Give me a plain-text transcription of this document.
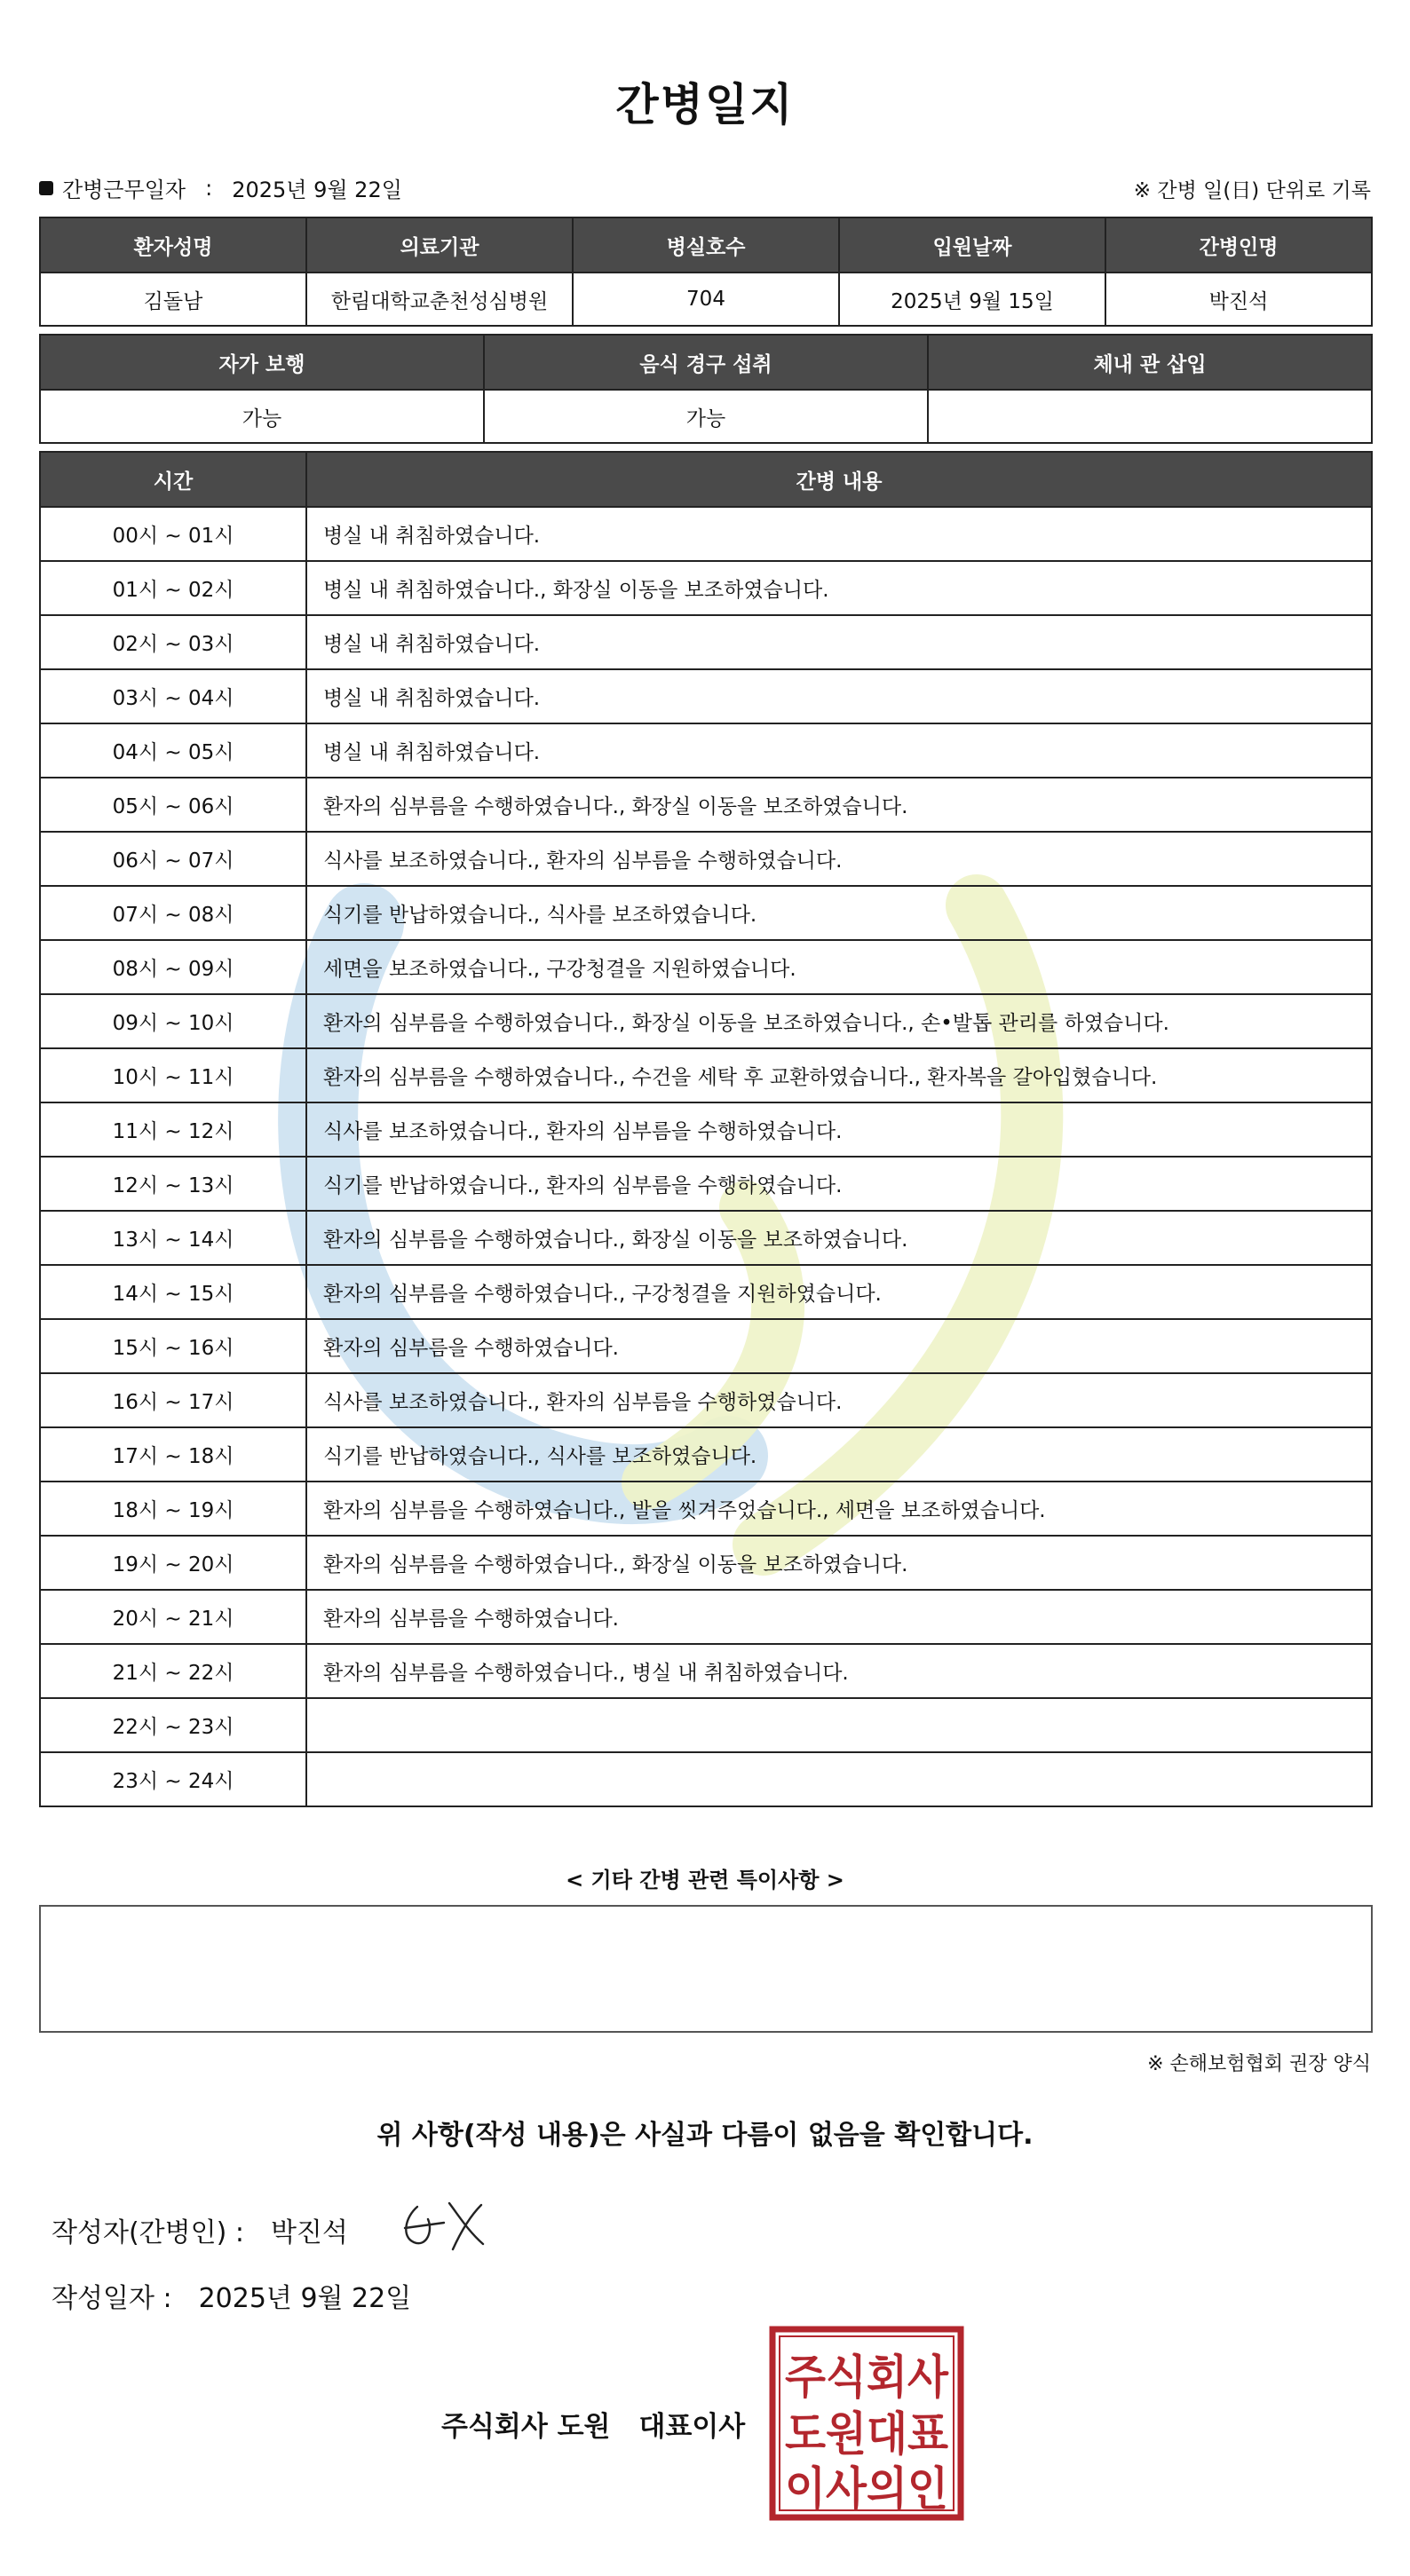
간병일지
간병근무일자 : 2025년 9월 22일	※ 간병 일(日) 단위로 기록
환자성명	의료기관	병실호수	입원날짜	간병인명
김돌남	한림대학교춘천성심병원	704	2025년 9월 15일	박진석
자가 보행	음식 경구 섭취	체내 관 삽입
가능	가능	
시간	간병 내용
00시 ~ 01시	병실 내 취침하였습니다.
01시 ~ 02시	병실 내 취침하였습니다., 화장실 이동을 보조하였습니다.
02시 ~ 03시	병실 내 취침하였습니다.
03시 ~ 04시	병실 내 취침하였습니다.
04시 ~ 05시	병실 내 취침하였습니다.
05시 ~ 06시	환자의 심부름을 수행하였습니다., 화장실 이동을 보조하였습니다.
06시 ~ 07시	식사를 보조하였습니다., 환자의 심부름을 수행하였습니다.
07시 ~ 08시	식기를 반납하였습니다., 식사를 보조하였습니다.
08시 ~ 09시	세면을 보조하였습니다., 구강청결을 지원하였습니다.
09시 ~ 10시	환자의 심부름을 수행하였습니다., 화장실 이동을 보조하였습니다., 손•발톱 관리를 하였습니다.
10시 ~ 11시	환자의 심부름을 수행하였습니다., 수건을 세탁 후 교환하였습니다., 환자복을 갈아입혔습니다.
11시 ~ 12시	식사를 보조하였습니다., 환자의 심부름을 수행하였습니다.
12시 ~ 13시	식기를 반납하였습니다., 환자의 심부름을 수행하였습니다.
13시 ~ 14시	환자의 심부름을 수행하였습니다., 화장실 이동을 보조하였습니다.
14시 ~ 15시	환자의 심부름을 수행하였습니다., 구강청결을 지원하였습니다.
15시 ~ 16시	환자의 심부름을 수행하였습니다.
16시 ~ 17시	식사를 보조하였습니다., 환자의 심부름을 수행하였습니다.
17시 ~ 18시	식기를 반납하였습니다., 식사를 보조하였습니다.
18시 ~ 19시	환자의 심부름을 수행하였습니다., 발을 씻겨주었습니다., 세면을 보조하였습니다.
19시 ~ 20시	환자의 심부름을 수행하였습니다., 화장실 이동을 보조하였습니다.
20시 ~ 21시	환자의 심부름을 수행하였습니다.
21시 ~ 22시	환자의 심부름을 수행하였습니다., 병실 내 취침하였습니다.
22시 ~ 23시	
23시 ~ 24시	
< 기타 간병 관련 특이사항 >
※ 손해보험협회 권장 양식
위 사항(작성 내용)은 사실과 다름이 없음을 확인합니다.
작성자(간병인) : 박진석
작성일자 : 2025년 9월 22일
주식회사 도원 대표이사
주식회사
도원대표
이사의인
